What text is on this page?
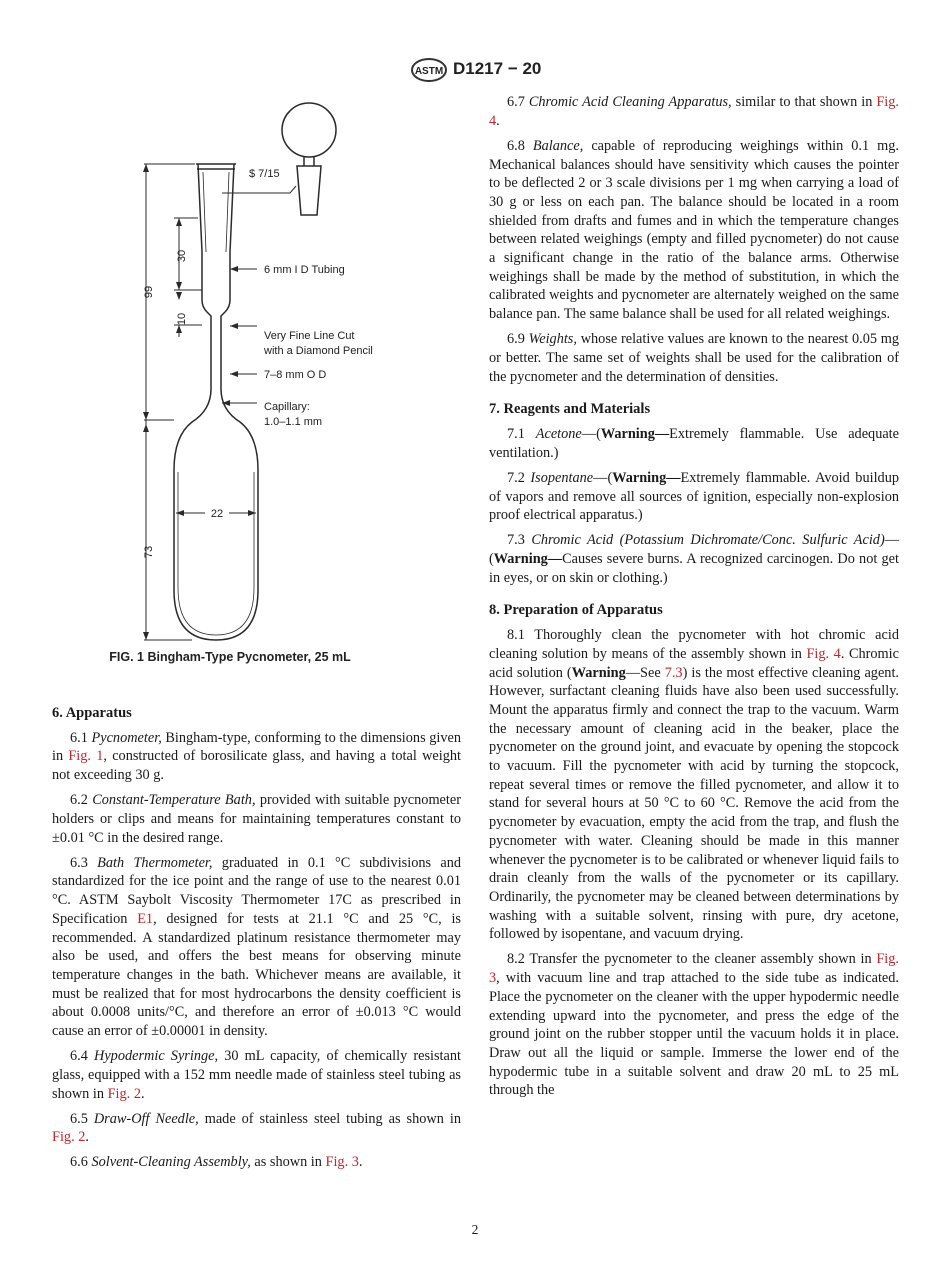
ASTM D1217 − 20
$ 7/15
6 mm I D Tubing
Very Fine Line Cut
with a Diamond Pencil
7–8 mm O D
Capillary:
1.0–1.1 mm
22
99
30
10
73
FIG. 1 Bingham-Type Pycnometer, 25 mL
6. Apparatus

6.1 Pycnometer, Bingham-type, conforming to the dimensions given in Fig. 1, constructed of borosilicate glass, and having a total weight not exceeding 30 g.

6.2 Constant-Temperature Bath, provided with suitable pycnometer holders or clips and means for maintaining temperatures constant to ±0.01 °C in the desired range.

6.3 Bath Thermometer, graduated in 0.1 °C subdivisions and standardized for the ice point and the range of use to the nearest 0.01 °C. ASTM Saybolt Viscosity Thermometer 17C as prescribed in Specification E1, designed for tests at 21.1 °C and 25 °C, is recommended. A standardized platinum resistance thermometer may also be used, and offers the best means for observing minute temperature changes in the bath. Whichever means are available, it must be realized that for most hydrocarbons the density coefficient is about 0.0008 units/°C, and therefore an error of ±0.013 °C would cause an error of ±0.00001 in density.

6.4 Hypodermic Syringe, 30 mL capacity, of chemically resistant glass, equipped with a 152 mm needle made of stainless steel tubing as shown in Fig. 2.

6.5 Draw-Off Needle, made of stainless steel tubing as shown in Fig. 2.

6.6 Solvent-Cleaning Assembly, as shown in Fig. 3.

6.7 Chromic Acid Cleaning Apparatus, similar to that shown in Fig. 4.

6.8 Balance, capable of reproducing weighings within 0.1 mg. Mechanical balances should have sensitivity which causes the pointer to be deflected 2 or 3 scale divisions per 1 mg when carrying a load of 30 g or less on each pan. The balance should be located in a room shielded from drafts and fumes and in which the temperature changes between related weighings (empty and filled pycnometer) do not cause a significant change in the ratio of the balance arms. Otherwise weighings shall be made by the method of substitution, in which the calibrated weights and pycnometer are alternately weighed on the same balance pan. The same balance shall be used for all related weighings.

6.9 Weights, whose relative values are known to the nearest 0.05 mg or better. The same set of weights shall be used for the calibration of the pycnometer and the determination of densities.

7. Reagents and Materials

7.1 Acetone—(Warning—Extremely flammable. Use adequate ventilation.)

7.2 Isopentane—(Warning—Extremely flammable. Avoid buildup of vapors and remove all sources of ignition, especially non-explosion proof electrical apparatus.)

7.3 Chromic Acid (Potassium Dichromate/Conc. Sulfuric Acid)—(Warning—Causes severe burns. A recognized carcinogen. Do not get in eyes, or on skin or clothing.)

8. Preparation of Apparatus

8.1 Thoroughly clean the pycnometer with hot chromic acid cleaning solution by means of the assembly shown in Fig. 4. Chromic acid solution (Warning—See 7.3) is the most effective cleaning agent. However, surfactant cleaning fluids have also been used successfully. Mount the apparatus firmly and connect the trap to the vacuum. Warm the necessary amount of cleaning acid in the beaker, place the pycnometer on the ground joint, and evacuate by opening the stopcock to vacuum. Fill the pycnometer with acid by turning the stopcock, repeat several times or remove the filled pycnometer, and allow it to stand for several hours at 50 °C to 60 °C. Remove the acid from the pycnometer by evacuation, empty the acid from the trap, and flush the pycnometer with water. Cleaning should be made in this manner whenever the pycnometer is to be calibrated or whenever liquid fails to drain cleanly from the walls of the pycnometer or its capillary. Ordinarily, the pycnometer may be cleaned between determinations by washing with a suitable solvent, rinsing with pure, dry acetone, followed by isopentane, and vacuum drying.

8.2 Transfer the pycnometer to the cleaner assembly shown in Fig. 3, with vacuum line and trap attached to the side tube as indicated. Place the pycnometer on the cleaner with the upper hypodermic needle extending upward into the pycnometer, and press the edge of the ground joint on the rubber stopper until the vacuum holds it in place. Draw out all the liquid or sample. Immerse the lower end of the hypodermic tube in a suitable solvent and draw 20 mL to 25 mL through the

2
